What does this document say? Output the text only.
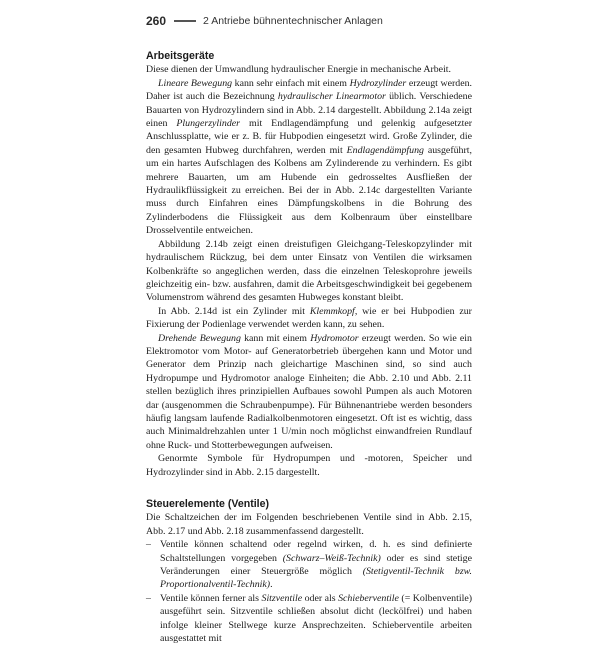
260	2 Antriebe bühnentechnischer Anlagen
Arbeitsgeräte

Diese dienen der Umwandlung hydraulischer Energie in mechanische Arbeit.

Lineare Bewegung kann sehr einfach mit einem Hydrozylinder erzeugt werden. Daher ist auch die Bezeichnung hydraulischer Linearmotor üblich. Verschiedene Bauarten von Hydrozylindern sind in Abb. 2.14 dargestellt. Abbildung 2.14a zeigt einen Plungerzylinder mit Endlagendämpfung und gelenkig aufgesetzter Anschlussplatte, wie er z. B. für Hubpodien eingesetzt wird. Große Zylinder, die den gesamten Hubweg durchfahren, werden mit Endlagendämpfung ausgeführt, um ein hartes Aufschlagen des Kolbens am Zylinderende zu verhindern. Es gibt mehrere Bauarten, um am Hubende ein gedrosseltes Ausfließen der Hydraulikflüssigkeit zu erreichen. Bei der in Abb. 2.14c dargestellten Variante muss durch Einfahren eines Dämpfungskolbens in die Bohrung des Zylinderbodens die Flüssigkeit aus dem Kolbenraum über einstellbare Drosselventile entweichen.

Abbildung 2.14b zeigt einen dreistufigen Gleichgang-Teleskopzylinder mit hydraulischem Rückzug, bei dem unter Einsatz von Ventilen die wirksamen Kolbenkräfte so angeglichen werden, dass die einzelnen Teleskoprohre jeweils gleichzeitig ein- bzw. ausfahren, damit die Arbeitsgeschwindigkeit bei gegebenem Volumenstrom während des gesamten Hubweges konstant bleibt.

In Abb. 2.14d ist ein Zylinder mit Klemmkopf, wie er bei Hubpodien zur Fixierung der Podienlage verwendet werden kann, zu sehen.

Drehende Bewegung kann mit einem Hydromotor erzeugt werden. So wie ein Elektromotor vom Motor- auf Generatorbetrieb übergehen kann und Motor und Generator dem Prinzip nach gleichartige Maschinen sind, so sind auch Hydropumpe und Hydromotor analoge Einheiten; die Abb. 2.10 und Abb. 2.11 stellen bezüglich ihres prinzipiellen Aufbaues sowohl Pumpen als auch Motoren dar (ausgenommen die Schraubenpumpe). Für Bühnenantriebe werden besonders häufig langsam laufende Radialkolbenmotoren eingesetzt. Oft ist es wichtig, dass auch Minimaldrehzahlen unter 1 U/min noch möglichst einwandfreien Rundlauf ohne Ruck- und Stotterbewegungen aufweisen.

Genormte Symbole für Hydropumpen und -motoren, Speicher und Hydrozylinder sind in Abb. 2.15 dargestellt.

Steuerelemente (Ventile)

Die Schaltzeichen der im Folgenden beschriebenen Ventile sind in Abb. 2.15, Abb. 2.17 und Abb. 2.18 zusammenfassend dargestellt.

– Ventile können schaltend oder regelnd wirken, d. h. es sind definierte Schaltstellungen vorgegeben (Schwarz–Weiß-Technik) oder es sind stetige Veränderungen einer Steuergröße möglich (Stetigventil-Technik bzw. Proportionalventil-Technik).
– Ventile können ferner als Sitzventile oder als Schieberventile (= Kolbenventile) ausgeführt sein. Sitzventile schließen absolut dicht (leckölfrei) und haben infolge kleiner Stellwege kurze Ansprechzeiten. Schieberventile arbeiten ausgestattet mit
